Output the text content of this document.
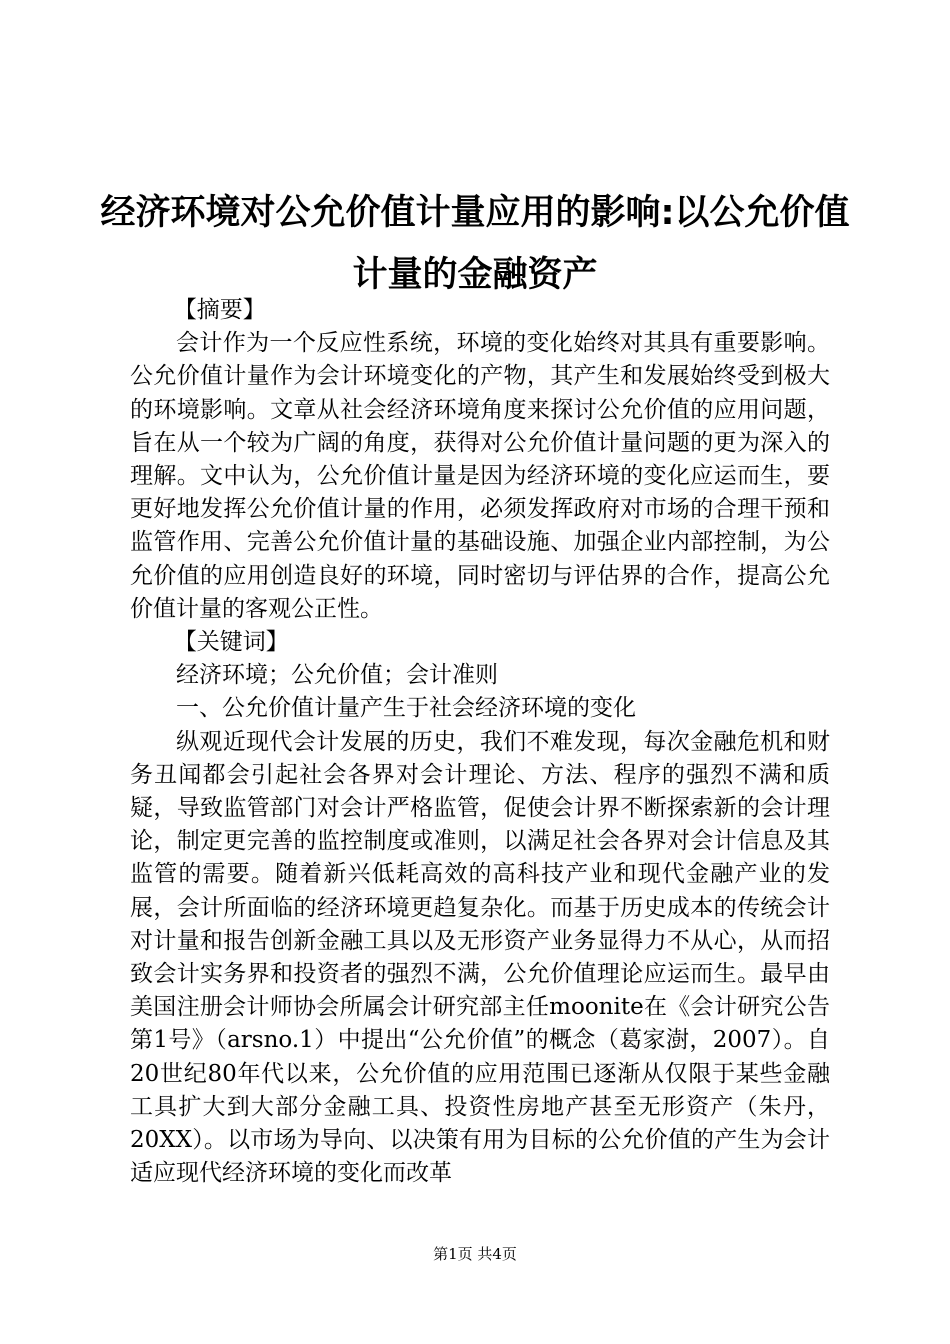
经济环境对公允价值计量应用的影响:以公允价值计量的金融资产

【摘要】

会计作为一个反应性系统，环境的变化始终对其具有重要影响。公允价值计量作为会计环境变化的产物，其产生和发展始终受到极大的环境影响。文章从社会经济环境角度来探讨公允价值的应用问题，旨在从一个较为广阔的角度，获得对公允价值计量问题的更为深入的理解。文中认为，公允价值计量是因为经济环境的变化应运而生，要更好地发挥公允价值计量的作用，必须发挥政府对市场的合理干预和监管作用、完善公允价值计量的基础设施、加强企业内部控制，为公允价值的应用创造良好的环境，同时密切与评估界的合作，提高公允价值计量的客观公正性。

【关键词】

经济环境；公允价值；会计准则

一、公允价值计量产生于社会经济环境的变化

纵观近现代会计发展的历史，我们不难发现，每次金融危机和财务丑闻都会引起社会各界对会计理论、方法、程序的强烈不满和质疑，导致监管部门对会计严格监管，促使会计界不断探索新的会计理论，制定更完善的监控制度或准则，以满足社会各界对会计信息及其监管的需要。随着新兴低耗高效的高科技产业和现代金融产业的发展，会计所面临的经济环境更趋复杂化。而基于历史成本的传统会计对计量和报告创新金融工具以及无形资产业务显得力不从心，从而招致会计实务界和投资者的强烈不满，公允价值理论应运而生。最早由美国注册会计师协会所属会计研究部主任moonite在《会计研究公告第1号》（arsno.1）中提出“公允价值”的概念（葛家澍，2007）。自20世纪80年代以来，公允价值的应用范围已逐渐从仅限于某些金融工具扩大到大部分金融工具、投资性房地产甚至无形资产（朱丹，20XX）。以市场为导向、以决策有用为目标的公允价值的产生为会计适应现代经济环境的变化而改革

第1页 共4页
